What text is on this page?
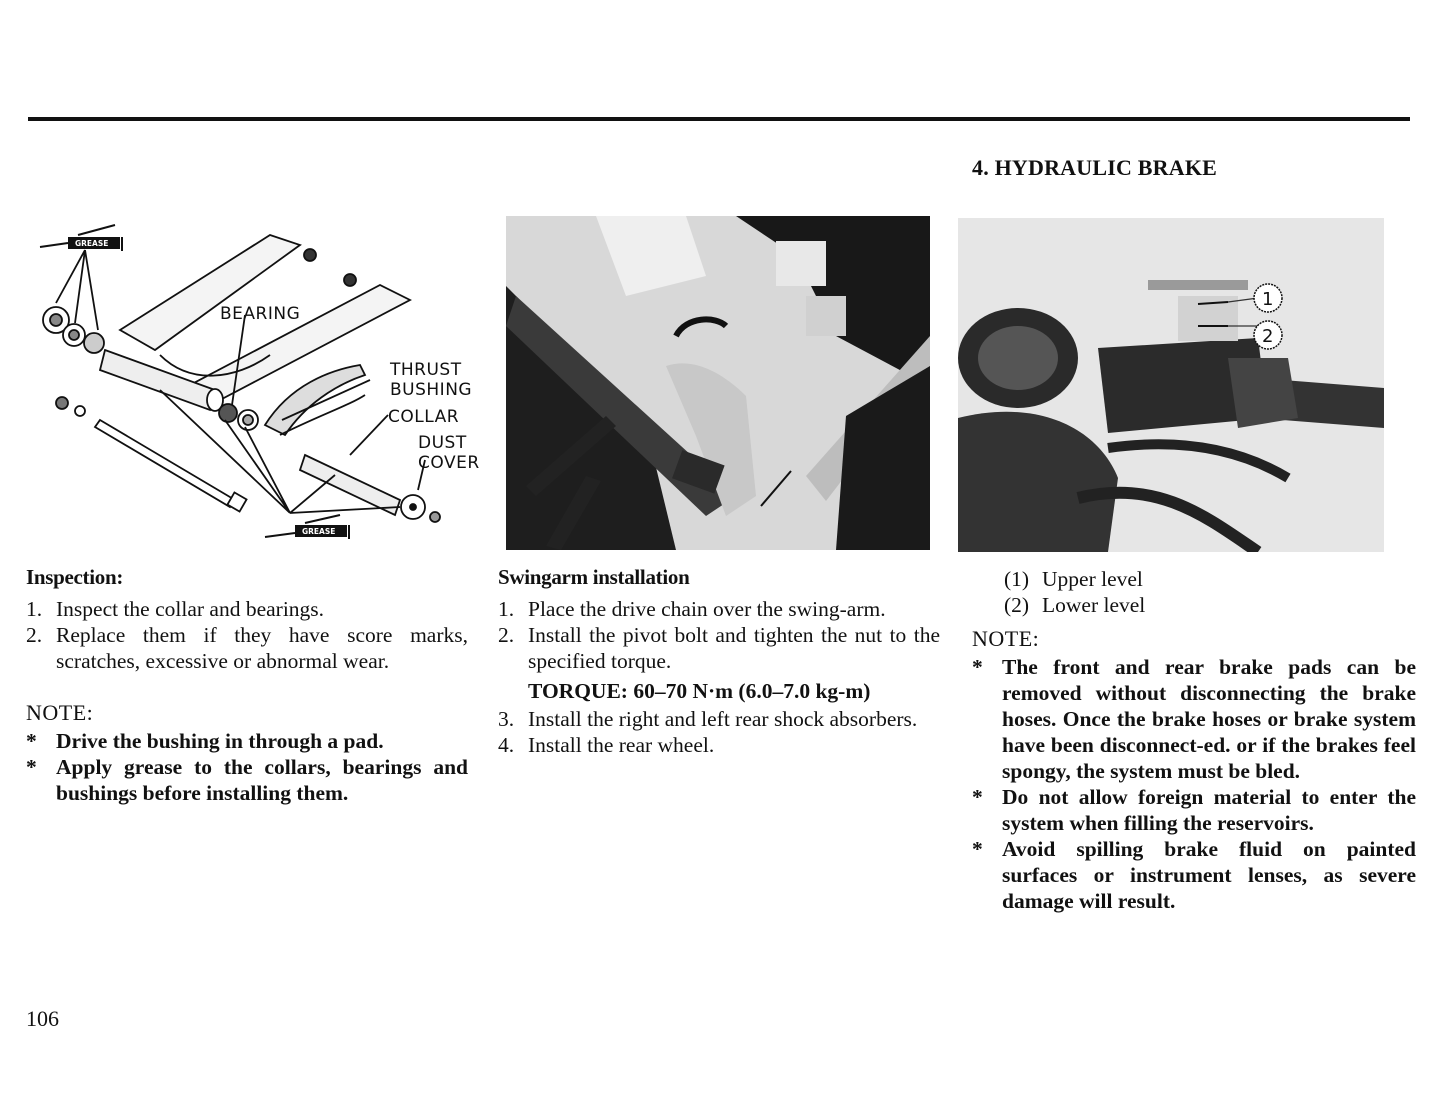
4. HYDRAULIC BRAKE
GREASE
GREASE
BEARING
THRUST
BUSHING
COLLAR
DUST
COVER
1
2
Inspection:
1. Inspect the collar and bearings.
2. Replace them if they have score marks, scratches, excessive or abnormal wear.
NOTE:
* Drive the bushing in through a pad.
* Apply grease to the collars, bearings and bushings before installing them.
Swingarm installation
1. Place the drive chain over the swing-arm.
2. Install the pivot bolt and tighten the nut to the specified torque.
TORQUE: 60–70 N·m (6.0–7.0 kg-m)
3. Install the right and left rear shock absorbers.
4. Install the rear wheel.
(1) Upper level
(2) Lower level
NOTE:
* The front and rear brake pads can be removed without disconnecting the brake hoses. Once the brake hoses or brake system have been disconnect-ed. or if the brakes feel spongy, the system must be bled.
* Do not allow foreign material to enter the system when filling the reservoirs.
* Avoid spilling brake fluid on painted surfaces or instrument lenses, as severe damage will result.
106
